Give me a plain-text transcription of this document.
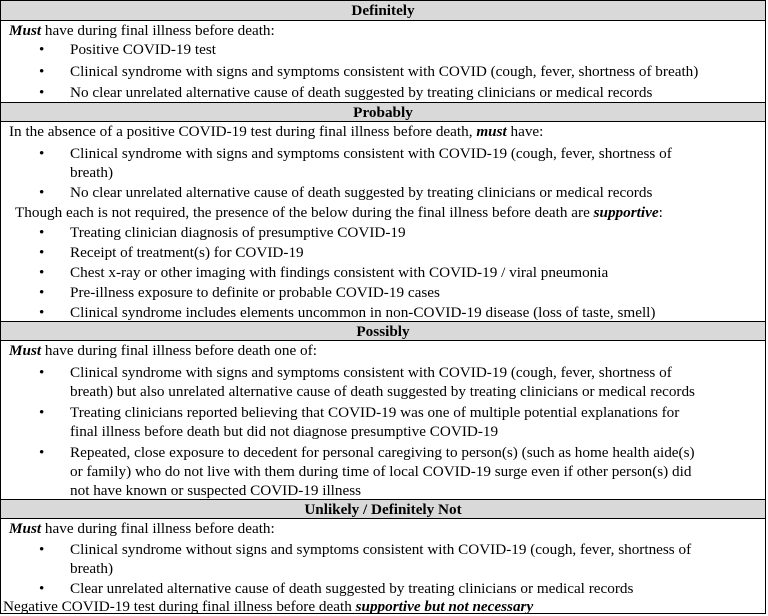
Definitely
Must have during final illness before death:
Positive COVID-19 test
Clinical syndrome with signs and symptoms consistent with COVID (cough, fever, shortness of breath)
No clear unrelated alternative cause of death suggested by treating clinicians or medical records
Probably
In the absence of a positive COVID-19 test during final illness before death, must have:
Clinical syndrome with signs and symptoms consistent with COVID-19 (cough, fever, shortness of
breath)
No clear unrelated alternative cause of death suggested by treating clinicians or medical records
Though each is not required, the presence of the below during the final illness before death are supportive:
Treating clinician diagnosis of presumptive COVID-19
Receipt of treatment(s) for COVID-19
Chest x-ray or other imaging with findings consistent with COVID-19 / viral pneumonia
Pre-illness exposure to definite or probable COVID-19 cases
Clinical syndrome includes elements uncommon in non-COVID-19 disease (loss of taste, smell)
Possibly
Must have during final illness before death one of:
Clinical syndrome with signs and symptoms consistent with COVID-19 (cough, fever, shortness of
breath) but also unrelated alternative cause of death suggested by treating clinicians or medical records
Treating clinicians reported believing that COVID-19 was one of multiple potential explanations for
final illness before death but did not diagnose presumptive COVID-19
Repeated, close exposure to decedent for personal caregiving to person(s) (such as home health aide(s)
or family) who do not live with them during time of local COVID-19 surge even if other person(s) did
not have known or suspected COVID-19 illness
Unlikely / Definitely Not
Must have during final illness before death:
Clinical syndrome without signs and symptoms consistent with COVID-19 (cough, fever, shortness of
breath)
Clear unrelated alternative cause of death suggested by treating clinicians or medical records
Negative COVID-19 test during final illness before death supportive but not necessary
